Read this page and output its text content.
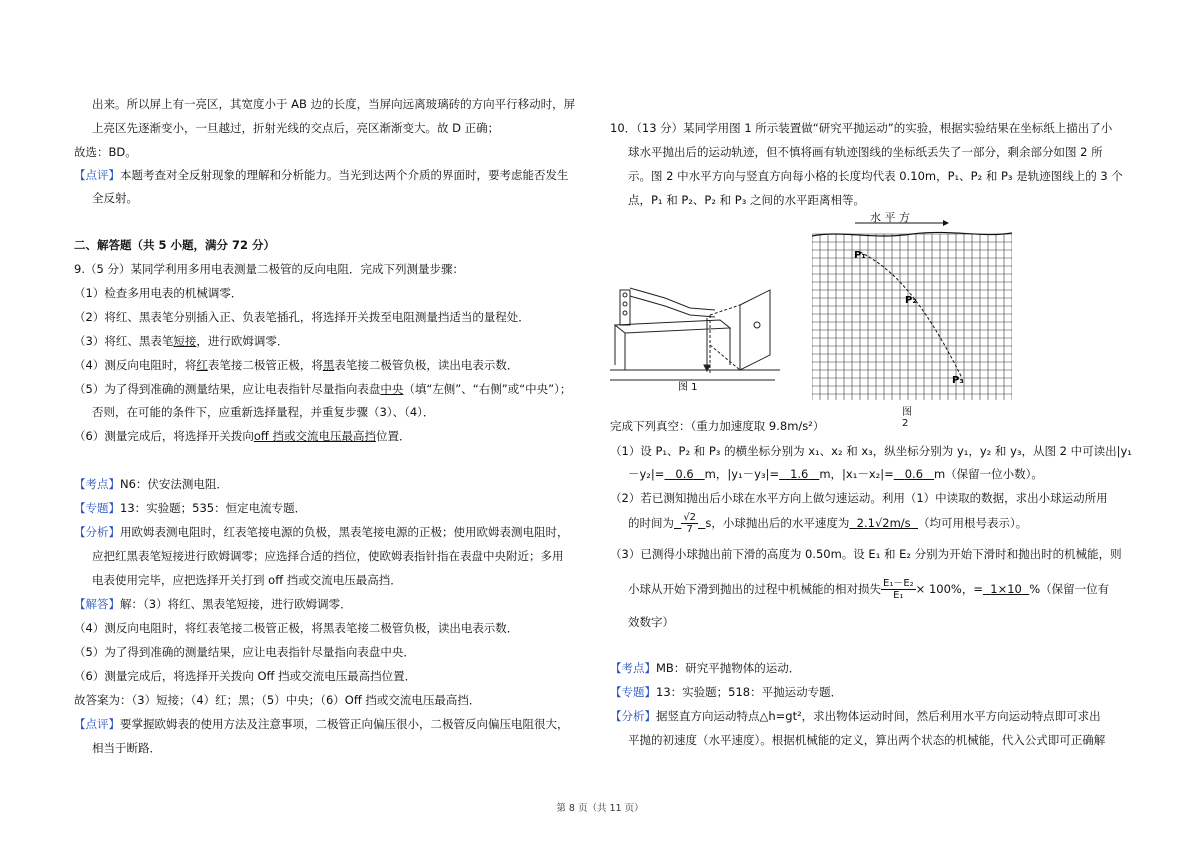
出来。所以屏上有一亮区，其宽度小于 AB 边的长度，当屏向远离玻璃砖的方向平行移动时，屏
上亮区先逐渐变小，一旦越过，折射光线的交点后，亮区渐渐变大。故 D 正确；
故选：BD。
【点评】本题考查对全反射现象的理解和分析能力。当光到达两个介质的界面时，要考虑能否发生
全反射。
二、解答题（共 5 小题，满分 72 分）
9.（5 分）某同学利用多用电表测量二极管的反向电阻．完成下列测量步骤：
（1）检查多用电表的机械调零．
（2）将红、黑表笔分别插入正、负表笔插孔，将选择开关拨至电阻测量挡适当的量程处．
（3）将红、黑表笔短接，进行欧姆调零．
（4）测反向电阻时，将红表笔接二极管正极，将黑表笔接二极管负极，读出电表示数．
（5）为了得到准确的测量结果，应让电表指针尽量指向表盘中央（填“左侧”、“右侧”或“中央”）；
否则，在可能的条件下，应重新选择量程，并重复步骤（3）、（4）．
（6）测量完成后，将选择开关拨向off 挡或交流电压最高挡位置．
【考点】N6：伏安法测电阻．
【专题】13：实验题；535：恒定电流专题．
【分析】用欧姆表测电阻时，红表笔接电源的负极，黑表笔接电源的正极；使用欧姆表测电阻时，
应把红黑表笔短接进行欧姆调零；应选择合适的挡位，使欧姆表指针指在表盘中央附近；多用
电表使用完毕，应把选择开关打到 off 挡或交流电压最高挡．
【解答】解：（3）将红、黑表笔短接，进行欧姆调零．
（4）测反向电阻时，将红表笔接二极管正极，将黑表笔接二极管负极，读出电表示数．
（5）为了得到准确的测量结果，应让电表指针尽量指向表盘中央．
（6）测量完成后，将选择开关拨向 Off 挡或交流电压最高挡位置．
故答案为：（3）短接；（4）红；黑；（5）中央；（6）Off 挡或交流电压最高挡．
【点评】要掌握欧姆表的使用方法及注意事项，二极管正向偏压很小，二极管反向偏压电阻很大，
相当于断路．
10．（13 分）某同学用图 1 所示装置做“研究平抛运动”的实验，根据实验结果在坐标纸上描出了小
球水平抛出后的运动轨迹，但不慎将画有轨迹图线的坐标纸丢失了一部分，剩余部分如图 2 所
示。图 2 中水平方向与竖直方向每小格的长度均代表 0.10m，P₁、P₂ 和 P₃ 是轨迹图线上的 3 个
点，P₁ 和 P₂、P₂ 和 P₃ 之间的水平距离相等。
图 1
水 平 方
P₁
P₂
P₃
图 2
完成下列真空：（重力加速度取 9.8m/s²）
（1）设 P₁、P₂ 和 P₃ 的横坐标分别为 x₁、x₂ 和 x₃，纵坐标分别为 y₁，y₂ 和 y₃，从图 2 中可读出|y₁
－y₂|= 0.6 m，|y₁－y₃|= 1.6 m，|x₁－x₂|= 0.6 m（保留一位小数）。
（2）若已测知抛出后小球在水平方向上做匀速运动。利用（1）中读取的数据，求出小球运动所用
的时间为 $\frac{√2}{7}$ s，小球抛出后的水平速度为 2.1√2m/s （均可用根号表示）。
（3）已测得小球抛出前下滑的高度为 0.50m。设 E₁ 和 E₂ 分别为开始下滑时和抛出时的机械能，则
小球从开始下滑到抛出的过程中机械能的相对损失 $\frac{\text{E₁－E₂}}{\text{E₁}} \times 100\%$，= 1×10 %（保留一位有
效数字）
【考点】MB：研究平抛物体的运动．
【专题】13：实验题；518：平抛运动专题．
【分析】据竖直方向运动特点△h=gt²，求出物体运动时间，然后利用水平方向运动特点即可求出
平抛的初速度（水平速度）。根据机械能的定义，算出两个状态的机械能，代入公式即可正确解
第 8 页（共 11 页）
